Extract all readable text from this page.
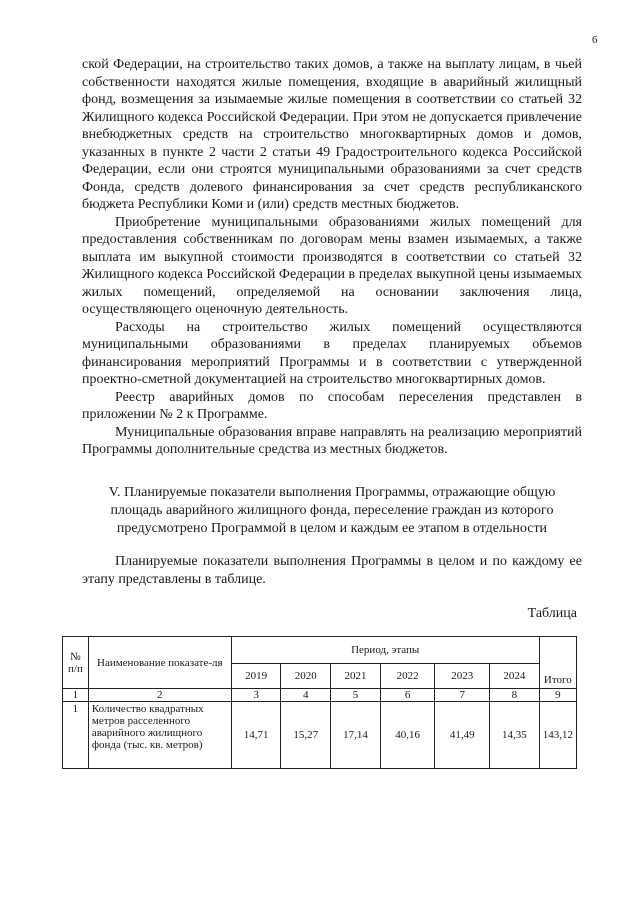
6

ской Федерации, на строительство таких домов, а также на выплату лицам, в чьей собственности находятся жилые помещения, входящие в аварийный жилищный фонд, возмещения за изымаемые жилые помещения в соответствии со статьей 32 Жилищного кодекса Российской Федерации. При этом не допускается привлечение внебюджетных средств на строительство многоквартирных домов и домов, указанных в пункте 2 части 2 статьи 49 Градостроительного кодекса Российской Федерации, если они строятся муниципальными образованиями за счет средств Фонда, средств долевого финансирования за счет средств республиканского бюджета Республики Коми и (или) средств местных бюджетов.

Приобретение муниципальными образованиями жилых помещений для предоставления собственникам по договорам мены взамен изымаемых, а также выплата им выкупной стоимости производятся в соответствии со статьей 32 Жилищного кодекса Российской Федерации в пределах выкупной цены изымаемых жилых помещений, определяемой на основании заключения лица, осуществляющего оценочную деятельность.

Расходы на строительство жилых помещений осуществляются муниципальными образованиями в пределах планируемых объемов финансирования мероприятий Программы и в соответствии с утвержденной проектно-сметной документацией на строительство многоквартирных домов.

Реестр аварийных домов по способам переселения представлен в приложении № 2 к Программе.

Муниципальные образования вправе направлять на реализацию мероприятий Программы дополнительные средства из местных бюджетов.

V. Планируемые показатели выполнения Программы, отражающие общую площадь аварийного жилищного фонда, переселение граждан из которого предусмотрено Программой в целом и каждым ее этапом в отдельности

Планируемые показатели выполнения Программы в целом и по каждому ее этапу представлены в таблице.

Таблица
№ п/п	Наименование показате-ля	Период, этапы						Итого
		2019	2020	2021	2022	2023	2024	
1	2	3	4	5	6	7	8	9
1	Количество квадратных метров расселенного аварийного жилищного фонда (тыс. кв. метров)	14,71	15,27	17,14	40,16	41,49	14,35	143,12
